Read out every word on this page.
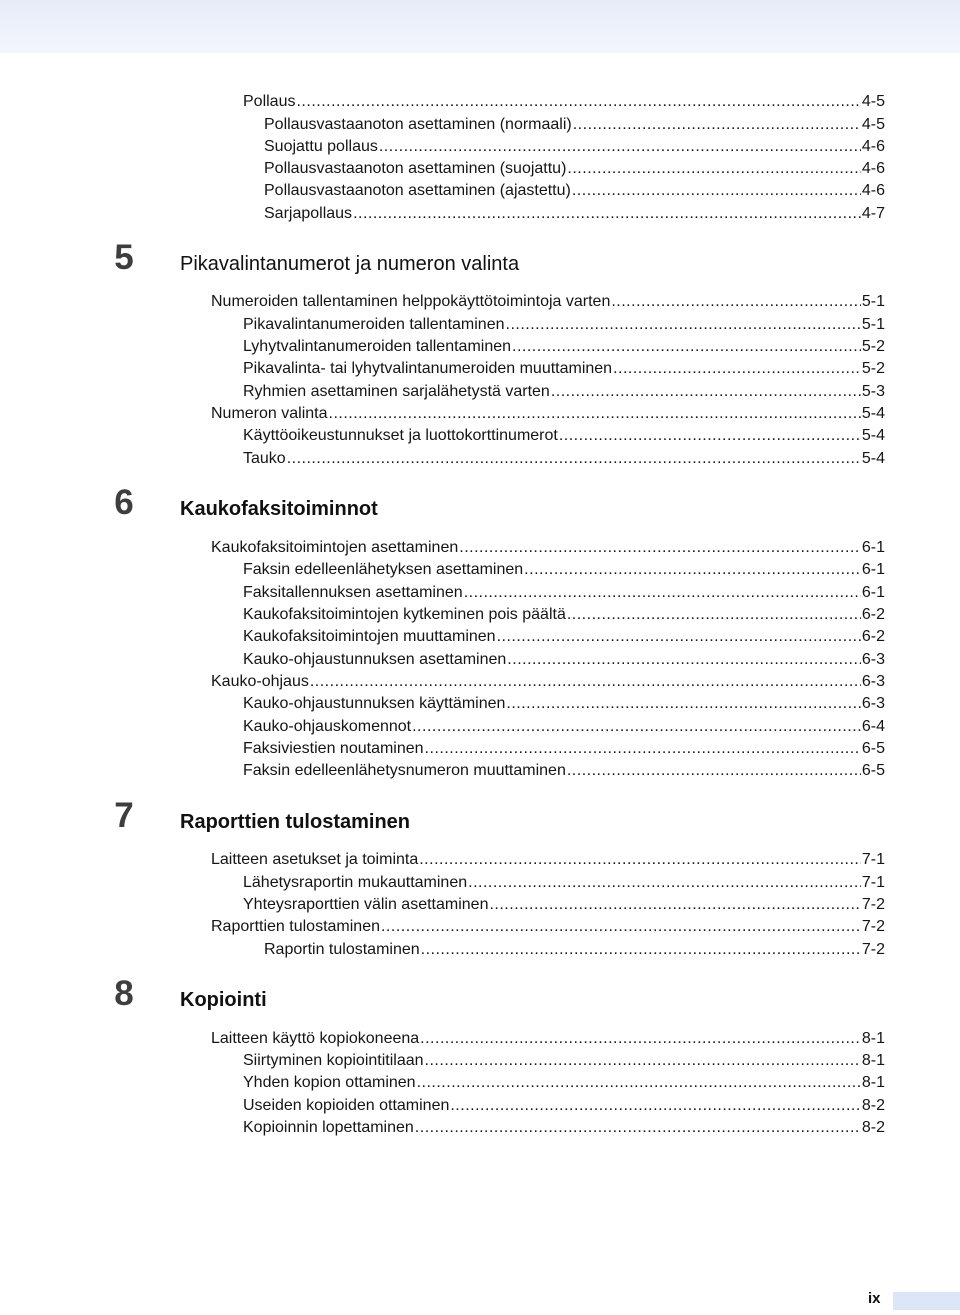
Pollaus .....	4-5
Pollausvastaanoton asettaminen (normaali) .....	4-5
Suojattu pollaus .....	4-6
Pollausvastaanoton asettaminen (suojattu) .....	4-6
Pollausvastaanoton asettaminen (ajastettu) .....	4-6
Sarjapollaus .....	4-7
5	Pikavalintanumerot ja numeron valinta
Numeroiden tallentaminen helppokäyttötoimintoja varten .....	5-1
Pikavalintanumeroiden tallentaminen .....	5-1
Lyhytvalintanumeroiden tallentaminen .....	5-2
Pikavalinta- tai lyhytvalintanumeroiden muuttaminen .....	5-2
Ryhmien asettaminen sarjalähetystä varten .....	5-3
Numeron valinta .....	5-4
Käyttöoikeustunnukset ja luottokorttinumerot .....	5-4
Tauko .....	5-4
6	Kaukofaksitoiminnot
Kaukofaksitoimintojen asettaminen .....	6-1
Faksin edelleenlähetyksen asettaminen .....	6-1
Faksitallennuksen asettaminen .....	6-1
Kaukofaksitoimintojen kytkeminen pois päältä .....	6-2
Kaukofaksitoimintojen muuttaminen .....	6-2
Kauko-ohjaustunnuksen asettaminen .....	6-3
Kauko-ohjaus .....	6-3
Kauko-ohjaustunnuksen käyttäminen .....	6-3
Kauko-ohjauskomennot .....	6-4
Faksiviestien noutaminen .....	6-5
Faksin edelleenlähetysnumeron muuttaminen .....	6-5
7	Raporttien tulostaminen
Laitteen asetukset ja toiminta .....	7-1
Lähetysraportin mukauttaminen .....	7-1
Yhteysraporttien välin asettaminen .....	7-2
Raporttien tulostaminen .....	7-2
Raportin tulostaminen .....	7-2
8	Kopiointi
Laitteen käyttö kopiokoneena .....	8-1
Siirtyminen kopiointitilaan .....	8-1
Yhden kopion ottaminen .....	8-1
Useiden kopioiden ottaminen .....	8-2
Kopioinnin lopettaminen .....	8-2
ix
